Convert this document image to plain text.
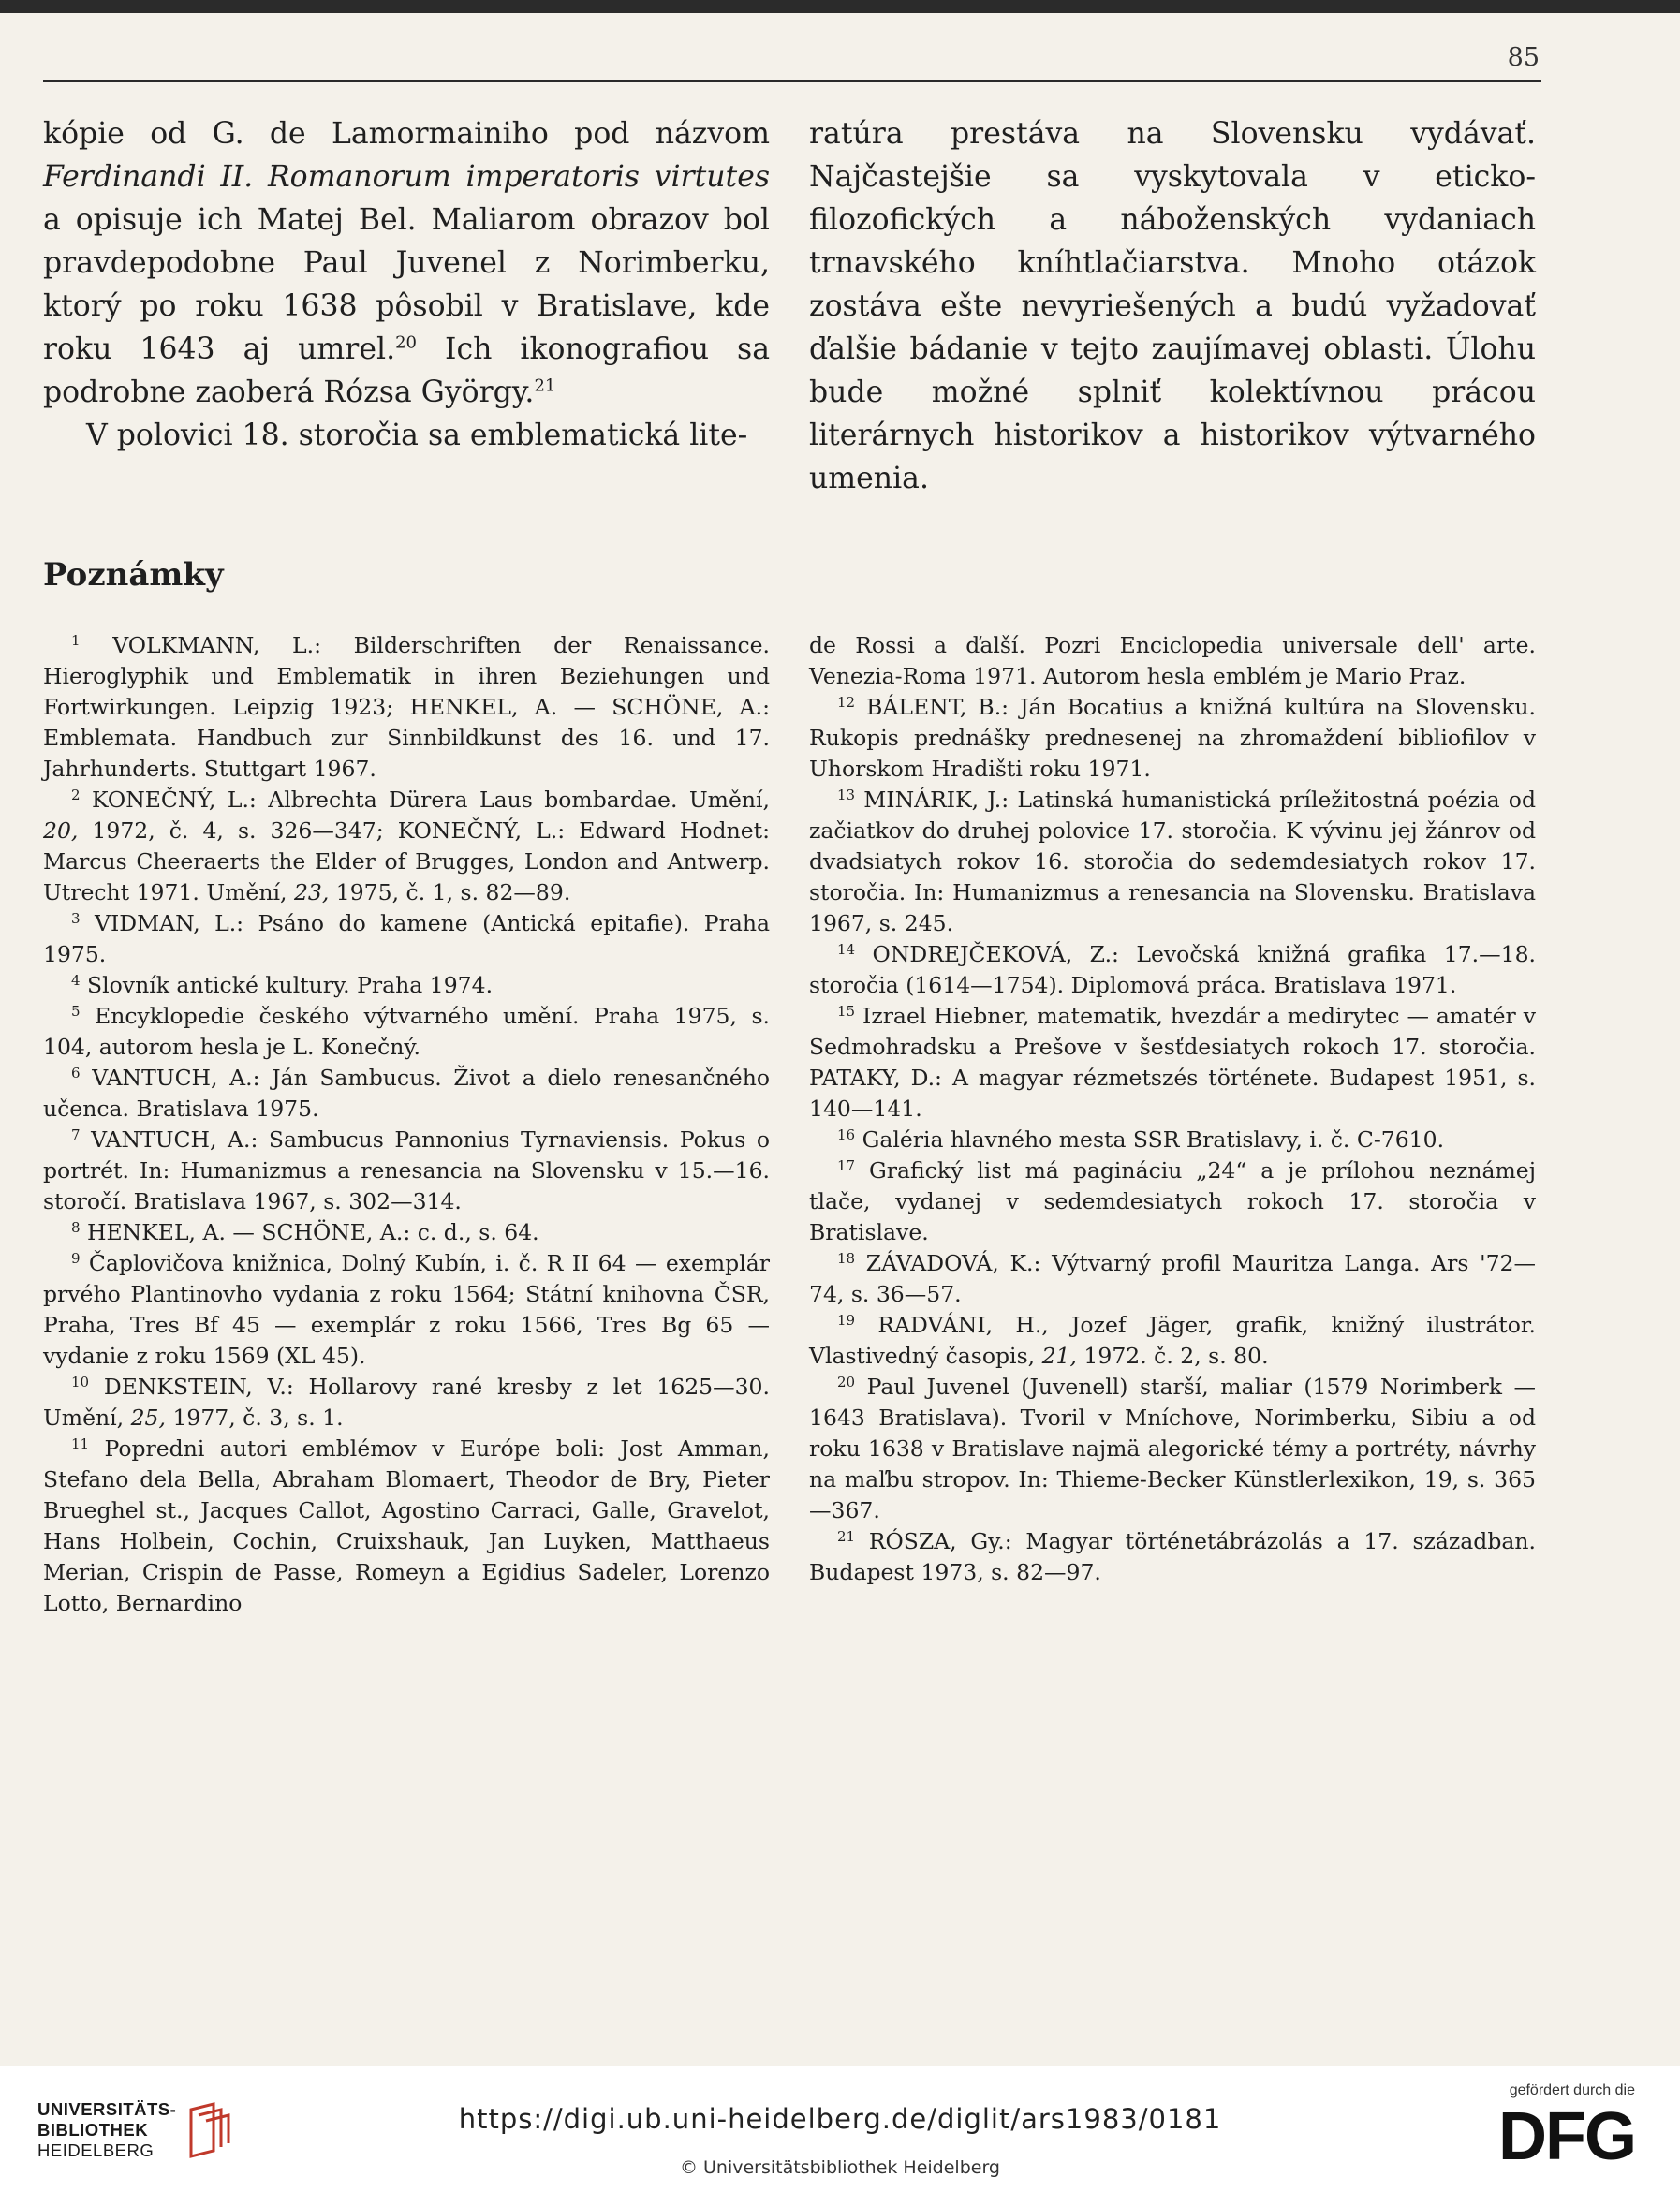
85

kópie od G. de Lamormainiho pod názvom Ferdinandi II. Romanorum imperatoris virtutes a opisuje ich Matej Bel. Maliarom obrazov bol pravdepodobne Paul Juvenel z Norimberku, ktorý po roku 1638 pôsobil v Bratislave, kde roku 1643 aj umrel.$^{20}$ Ich ikonografiou sa podrobne zaoberá Rózsa György.$^{21}$

V polovici 18. storočia sa emblematická lite-

ratúra prestáva na Slovensku vydávať. Najčastejšie sa vyskytovala v eticko-filozofických a náboženských vydaniach trnavského kníhtlačiarstva. Mnoho otázok zostáva ešte nevyriešených a budú vyžadovať ďalšie bádanie v tejto zaujímavej oblasti. Úlohu bude možné splniť kolektívnou prácou literárnych historikov a historikov výtvarného umenia.

Poznámky

$^1$ VOLKMANN, L.: Bilderschriften der Renaissance. Hieroglyphik und Emblematik in ihren Beziehungen und Fortwirkungen. Leipzig 1923; HENKEL, A. — SCHÖNE, A.: Emblemata. Handbuch zur Sinnbildkunst des 16. und 17. Jahrhunderts. Stuttgart 1967.

$^2$ KONEČNÝ, L.: Albrechta Dürera Laus bombardae. Umění, 20, 1972, č. 4, s. 326—347; KONEČNÝ, L.: Edward Hodnet: Marcus Cheeraerts the Elder of Brugges, London and Antwerp. Utrecht 1971. Umění, 23, 1975, č. 1, s. 82—89.

$^3$ VIDMAN, L.: Psáno do kamene (Antická epitafie). Praha 1975.

$^4$ Slovník antické kultury. Praha 1974.

$^5$ Encyklopedie českého výtvarného umění. Praha 1975, s. 104, autorom hesla je L. Konečný.

$^6$ VANTUCH, A.: Ján Sambucus. Život a dielo renesančného učenca. Bratislava 1975.

$^7$ VANTUCH, A.: Sambucus Pannonius Tyrnaviensis. Pokus o portrét. In: Humanizmus a renesancia na Slovensku v 15.—16. storočí. Bratislava 1967, s. 302—314.

$^8$ HENKEL, A. — SCHÖNE, A.: c. d., s. 64.

$^9$ Čaplovičova knižnica, Dolný Kubín, i. č. R II 64 — exemplár prvého Plantinovho vydania z roku 1564; Státní knihovna ČSR, Praha, Tres Bf 45 — exemplár z roku 1566, Tres Bg 65 — vydanie z roku 1569 (XL 45).

$^{10}$ DENKSTEIN, V.: Hollarovy rané kresby z let 1625—30. Umění, 25, 1977, č. 3, s. 1.

$^{11}$ Popredni autori emblémov v Európe boli: Jost Amman, Stefano dela Bella, Abraham Blomaert, Theodor de Bry, Pieter Brueghel st., Jacques Callot, Agostino Carraci, Galle, Gravelot, Hans Holbein, Cochin, Cruixshauk, Jan Luyken, Matthaeus Merian, Crispin de Passe, Romeyn a Egidius Sadeler, Lorenzo Lotto, Bernardino

de Rossi a ďalší. Pozri Enciclopedia universale dell' arte. Venezia-Roma 1971. Autorom hesla emblém je Mario Praz.

$^{12}$ BÁLENT, B.: Ján Bocatius a knižná kultúra na Slovensku. Rukopis prednášky prednesenej na zhromaždení bibliofilov v Uhorskom Hradišti roku 1971.

$^{13}$ MINÁRIK, J.: Latinská humanistická príležitostná poézia od začiatkov do druhej polovice 17. storočia. K vývinu jej žánrov od dvadsiatych rokov 16. storočia do sedemdesiatych rokov 17. storočia. In: Humanizmus a renesancia na Slovensku. Bratislava 1967, s. 245.

$^{14}$ ONDREJČEKOVÁ, Z.: Levočská knižná grafika 17.—18. storočia (1614—1754). Diplomová práca. Bratislava 1971.

$^{15}$ Izrael Hiebner, matematik, hvezdár a medirytec — amatér v Sedmohradsku a Prešove v šesťdesiatych rokoch 17. storočia. PATAKY, D.: A magyar rézmetszés története. Budapest 1951, s. 140—141.

$^{16}$ Galéria hlavného mesta SSR Bratislavy, i. č. C-7610.

$^{17}$ Grafický list má paginácіu „24“ a je prílohou neznámej tlače, vydanej v sedemdesiatych rokoch 17. storočia v Bratislave.

$^{18}$ ZÁVADOVÁ, K.: Výtvarný profil Mauritza Langa. Ars '72—74, s. 36—57.

$^{19}$ RADVÁNI, H., Jozef Jäger, grafik, knižný ilustrátor. Vlastivedný časopis, 21, 1972. č. 2, s. 80.

$^{20}$ Paul Juvenel (Juvenell) starší, maliar (1579 Norimberk — 1643 Bratislava). Tvoril v Mníchove, Norimberku, Sibiu a od roku 1638 v Bratislave najmä alegorické témy a portréty, návrhy na maľbu stropov. In: Thieme-Becker Künstlerlexikon, 19, s. 365—367.

$^{21}$ RÓSZA, Gy.: Magyar történetábrázolás a 17. században. Budapest 1973, s. 82—97.

UNIVERSITÄTS-
BIBLIOTHEK
HEIDELBERG
https://digi.ub.uni-heidelberg.de/diglit/ars1983/0181
© Universitätsbibliothek Heidelberg
gefördert durch die
DFG
